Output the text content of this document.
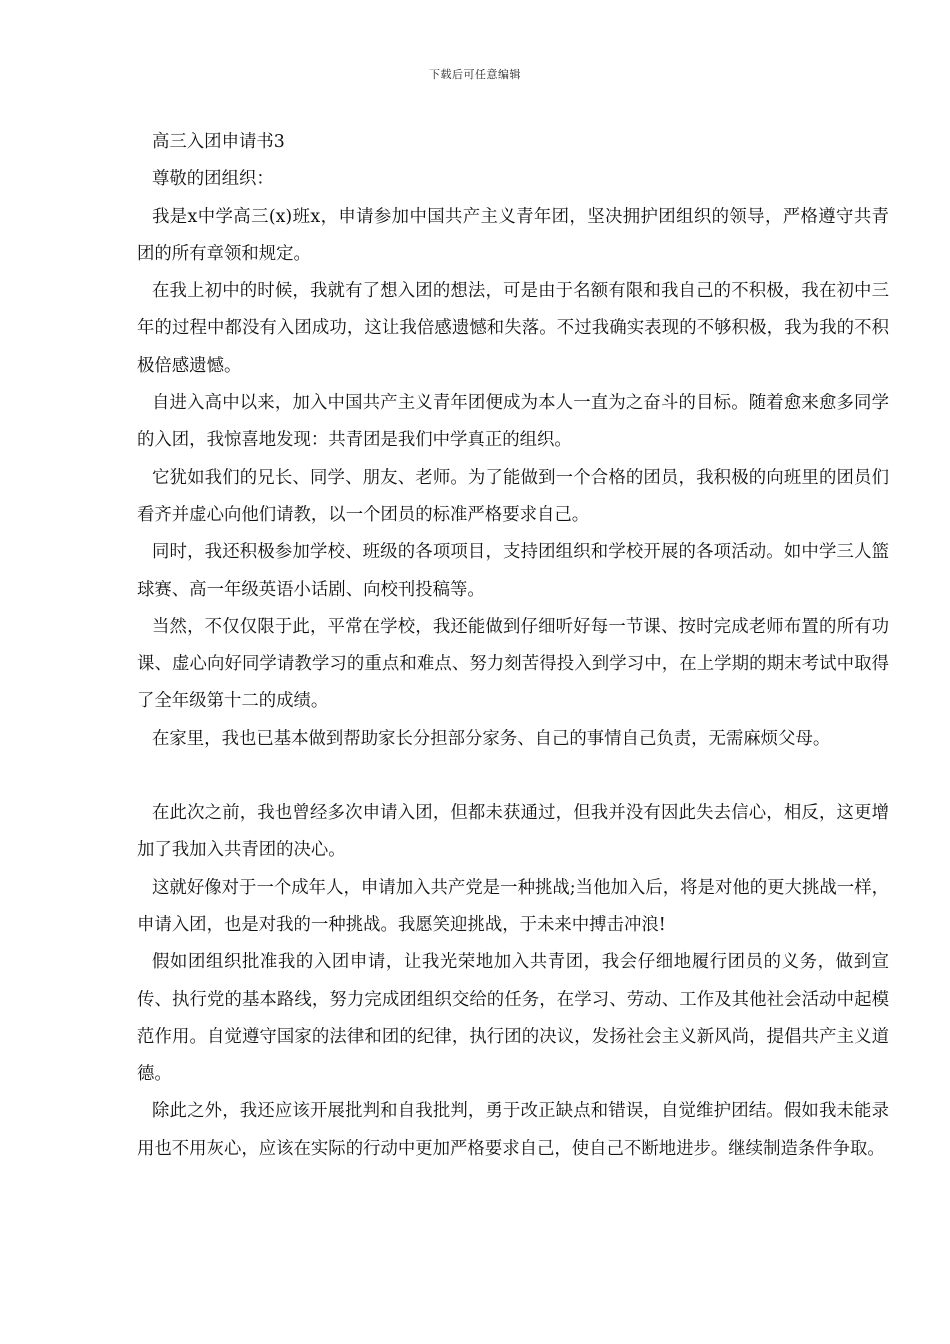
下载后可任意编辑

高三入团申请书3

尊敬的团组织：

我是x中学高三(x)班x，申请参加中国共产主义青年团，坚决拥护团组织的领导，严格遵守共青团的所有章领和规定。

在我上初中的时候，我就有了想入团的想法，可是由于名额有限和我自己的不积极，我在初中三年的过程中都没有入团成功，这让我倍感遗憾和失落。不过我确实表现的不够积极，我为我的不积极倍感遗憾。

自进入高中以来，加入中国共产主义青年团便成为本人一直为之奋斗的目标。随着愈来愈多同学的入团，我惊喜地发现：共青团是我们中学真正的组织。

它犹如我们的兄长、同学、朋友、老师。为了能做到一个合格的团员，我积极的向班里的团员们看齐并虚心向他们请教，以一个团员的标准严格要求自己。

同时，我还积极参加学校、班级的各项项目，支持团组织和学校开展的各项活动。如中学三人篮球赛、高一年级英语小话剧、向校刊投稿等。

当然，不仅仅限于此，平常在学校，我还能做到仔细听好每一节课、按时完成老师布置的所有功课、虚心向好同学请教学习的重点和难点、努力刻苦得投入到学习中，在上学期的期末考试中取得了全年级第十二的成绩。

在家里，我也已基本做到帮助家长分担部分家务、自己的事情自己负责，无需麻烦父母。

在此次之前，我也曾经多次申请入团，但都未获通过，但我并没有因此失去信心，相反，这更增加了我加入共青团的决心。

这就好像对于一个成年人，申请加入共产党是一种挑战;当他加入后，将是对他的更大挑战一样，申请入团，也是对我的一种挑战。我愿笑迎挑战，于未来中搏击冲浪!

假如团组织批准我的入团申请，让我光荣地加入共青团，我会仔细地履行团员的义务，做到宣传、执行党的基本路线，努力完成团组织交给的任务，在学习、劳动、工作及其他社会活动中起模范作用。自觉遵守国家的法律和团的纪律，执行团的决议，发扬社会主义新风尚，提倡共产主义道德。

除此之外，我还应该开展批判和自我批判，勇于改正缺点和错误，自觉维护团结。假如我未能录用也不用灰心，应该在实际的行动中更加严格要求自己，使自己不断地进步。继续制造条件争取。
